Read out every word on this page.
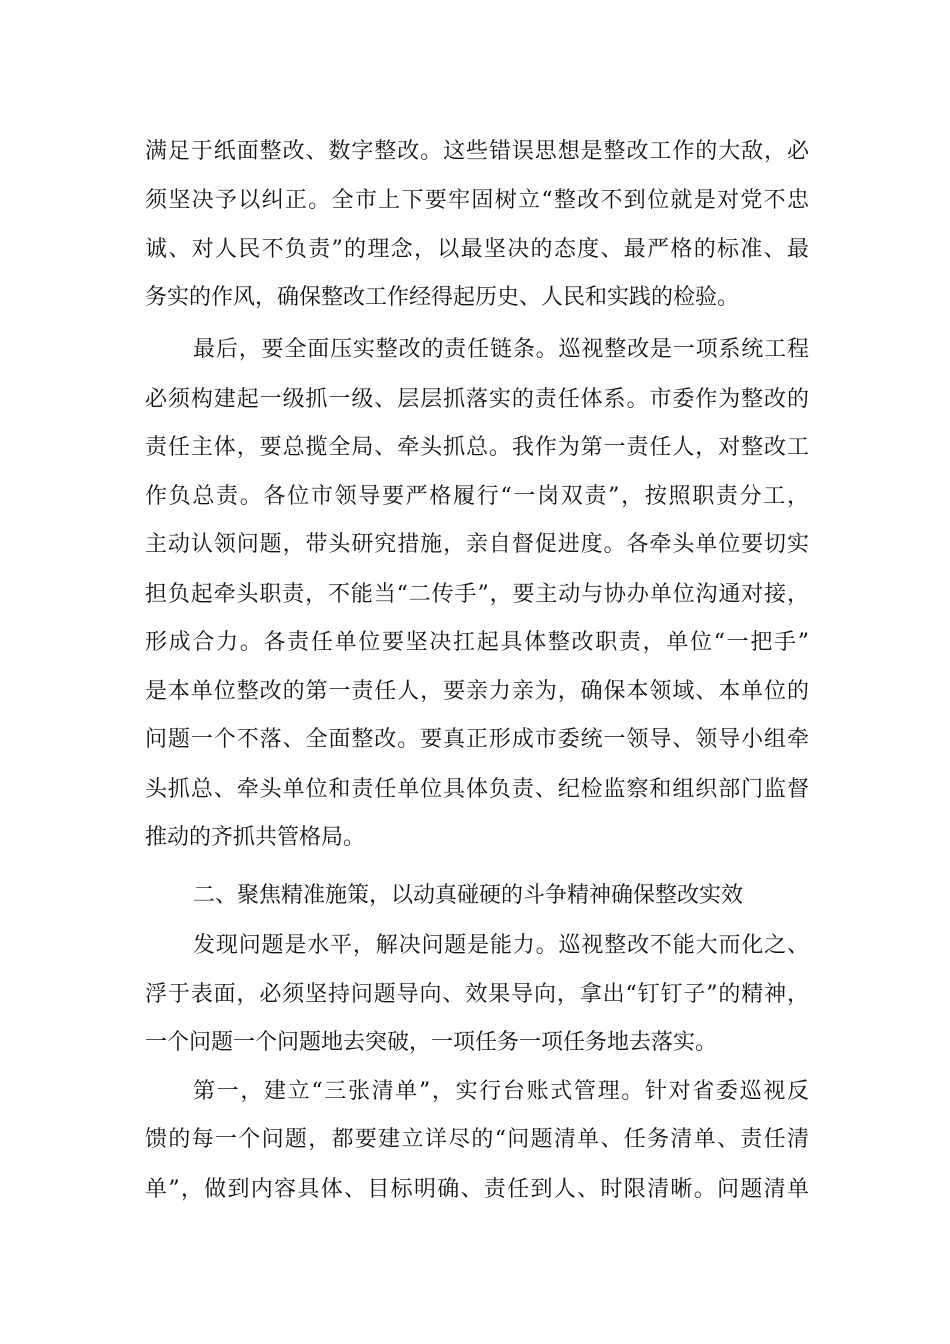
满足于纸面整改、数字整改。这些错误思想是整改工作的大敌，必
须坚决予以纠正。全市上下要牢固树立“整改不到位就是对党不忠
诚、对人民不负责”的理念，以最坚决的态度、最严格的标准、最
务实的作风，确保整改工作经得起历史、人民和实践的检验。
最后，要全面压实整改的责任链条。巡视整改是一项系统工程
必须构建起一级抓一级、层层抓落实的责任体系。市委作为整改的
责任主体，要总揽全局、牵头抓总。我作为第一责任人，对整改工
作负总责。各位市领导要严格履行“一岗双责”，按照职责分工，
主动认领问题，带头研究措施，亲自督促进度。各牵头单位要切实
担负起牵头职责，不能当“二传手”，要主动与协办单位沟通对接，
形成合力。各责任单位要坚决扛起具体整改职责，单位“一把手”
是本单位整改的第一责任人，要亲力亲为，确保本领域、本单位的
问题一个不落、全面整改。要真正形成市委统一领导、领导小组牵
头抓总、牵头单位和责任单位具体负责、纪检监察和组织部门监督
推动的齐抓共管格局。
二、聚焦精准施策，以动真碰硬的斗争精神确保整改实效
发现问题是水平，解决问题是能力。巡视整改不能大而化之、
浮于表面，必须坚持问题导向、效果导向，拿出“钉钉子”的精神，
一个问题一个问题地去突破，一项任务一项任务地去落实。
第一，建立“三张清单”，实行台账式管理。针对省委巡视反
馈的每一个问题，都要建立详尽的“问题清单、任务清单、责任清
单”，做到内容具体、目标明确、责任到人、时限清晰。问题清单
